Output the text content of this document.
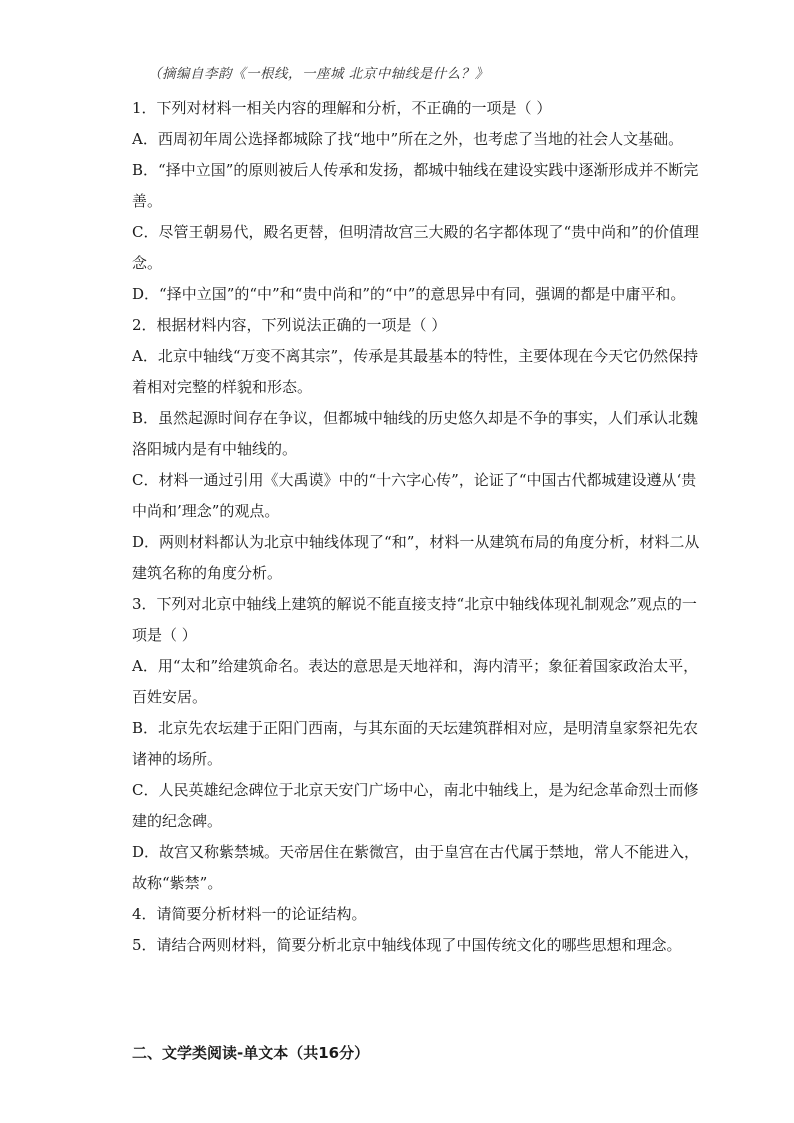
（摘编自李韵《一根线，一座城 北京中轴线是什么？》

1．下列对材料一相关内容的理解和分析，不正确的一项是（ ）

A．西周初年周公选择都城除了找“地中”所在之外，也考虑了当地的社会人文基础。

B．“择中立国”的原则被后人传承和发扬，都城中轴线在建设实践中逐渐形成并不断完

善。

C．尽管王朝易代，殿名更替，但明清故宫三大殿的名字都体现了“贵中尚和”的价值理

念。

D．“择中立国”的“中”和“贵中尚和”的“中”的意思异中有同，强调的都是中庸平和。

2．根据材料内容，下列说法正确的一项是（ ）

A．北京中轴线“万变不离其宗”，传承是其最基本的特性，主要体现在今天它仍然保持

着相对完整的样貌和形态。

B．虽然起源时间存在争议，但都城中轴线的历史悠久却是不争的事实，人们承认北魏

洛阳城内是有中轴线的。

C．材料一通过引用《大禹谟》中的“十六字心传”，论证了“中国古代都城建设遵从‘贵

中尚和’理念”的观点。

D．两则材料都认为北京中轴线体现了“和”，材料一从建筑布局的角度分析，材料二从

建筑名称的角度分析。

3．下列对北京中轴线上建筑的解说不能直接支持“北京中轴线体现礼制观念”观点的一

项是（ ）

A．用“太和”给建筑命名。表达的意思是天地祥和，海内清平；象征着国家政治太平，

百姓安居。

B．北京先农坛建于正阳门西南，与其东面的天坛建筑群相对应，是明清皇家祭祀先农

诸神的场所。

C．人民英雄纪念碑位于北京天安门广场中心，南北中轴线上，是为纪念革命烈士而修

建的纪念碑。

D．故宫又称紫禁城。天帝居住在紫微宫，由于皇宫在古代属于禁地，常人不能进入，

故称“紫禁”。

4．请简要分析材料一的论证结构。

5．请结合两则材料，简要分析北京中轴线体现了中国传统文化的哪些思想和理念。

二、文学类阅读-单文本（共16分）
